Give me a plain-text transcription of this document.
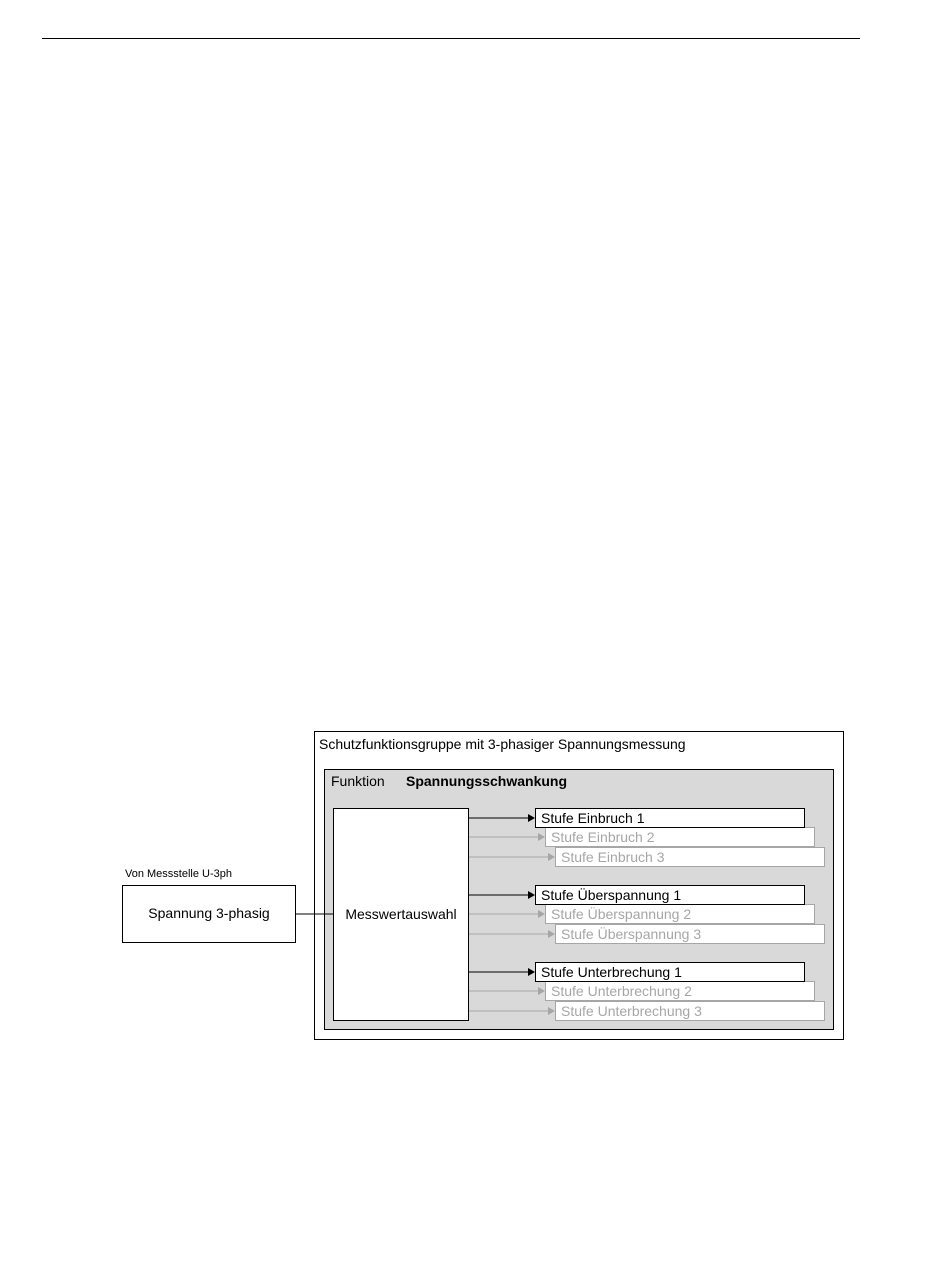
Von Messstelle U-3ph
Spannung 3-phasig
Schutzfunktionsgruppe mit 3-phasiger Spannungsmessung
Funktion Spannungsschwankung
Messwertauswahl
Stufe Einbruch 1
Stufe Einbruch 2
Stufe Einbruch 3
Stufe Überspannung 1
Stufe Überspannung 2
Stufe Überspannung 3
Stufe Unterbrechung 1
Stufe Unterbrechung 2
Stufe Unterbrechung 3
